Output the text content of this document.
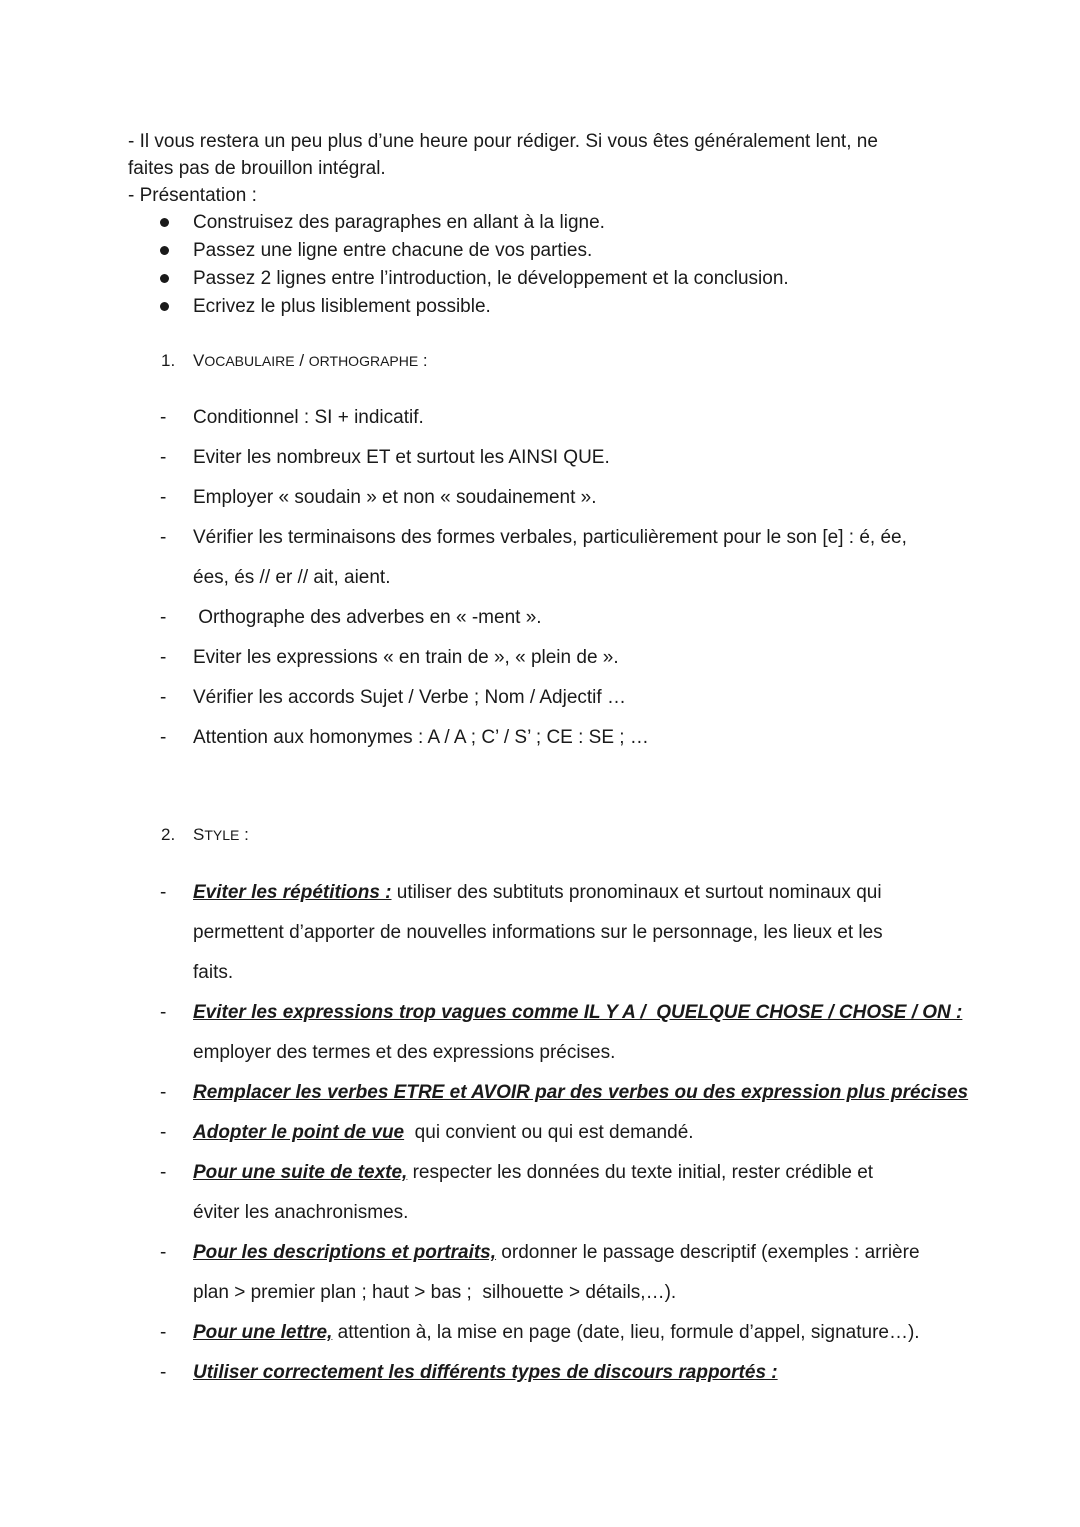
- Il vous restera un peu plus d’une heure pour rédiger. Si vous êtes généralement lent, ne
faites pas de brouillon intégral.
- Présentation :
Construisez des paragraphes en allant à la ligne.
Passez une ligne entre chacune de vos parties.
Passez 2 lignes entre l’introduction, le développement et la conclusion.
Ecrivez le plus lisiblement possible.
1. VOCABULAIRE / ORTHOGRAPHE :
- Conditionnel : SI + indicatif.
- Eviter les nombreux ET et surtout les AINSI QUE.
- Employer « soudain » et non « soudainement ».
- Vérifier les terminaisons des formes verbales, particulièrement pour le son [e] : é, ée,
ées, és // er // ait, aient.
- Orthographe des adverbes en « -ment ».
- Eviter les expressions « en train de », « plein de ».
- Vérifier les accords Sujet / Verbe ; Nom / Adjectif …
- Attention aux homonymes : A / A ; C’ / S’ ; CE : SE ; …
2. STYLE :
- Eviter les répétitions : utiliser des subtituts pronominaux et surtout nominaux qui
permettent d’apporter de nouvelles informations sur le personnage, les lieux et les
faits.
- Eviter les expressions trop vagues comme IL Y A /  QUELQUE CHOSE / CHOSE / ON :
employer des termes et des expressions précises.
- Remplacer les verbes ETRE et AVOIR par des verbes ou des expression plus précises
- Adopter le point de vue  qui convient ou qui est demandé.
- Pour une suite de texte, respecter les données du texte initial, rester crédible et
éviter les anachronismes.
- Pour les descriptions et portraits, ordonner le passage descriptif (exemples : arrière
plan > premier plan ; haut > bas ;  silhouette > détails,…).
- Pour une lettre, attention à, la mise en page (date, lieu, formule d’appel, signature…).
- Utiliser correctement les différents types de discours rapportés :
